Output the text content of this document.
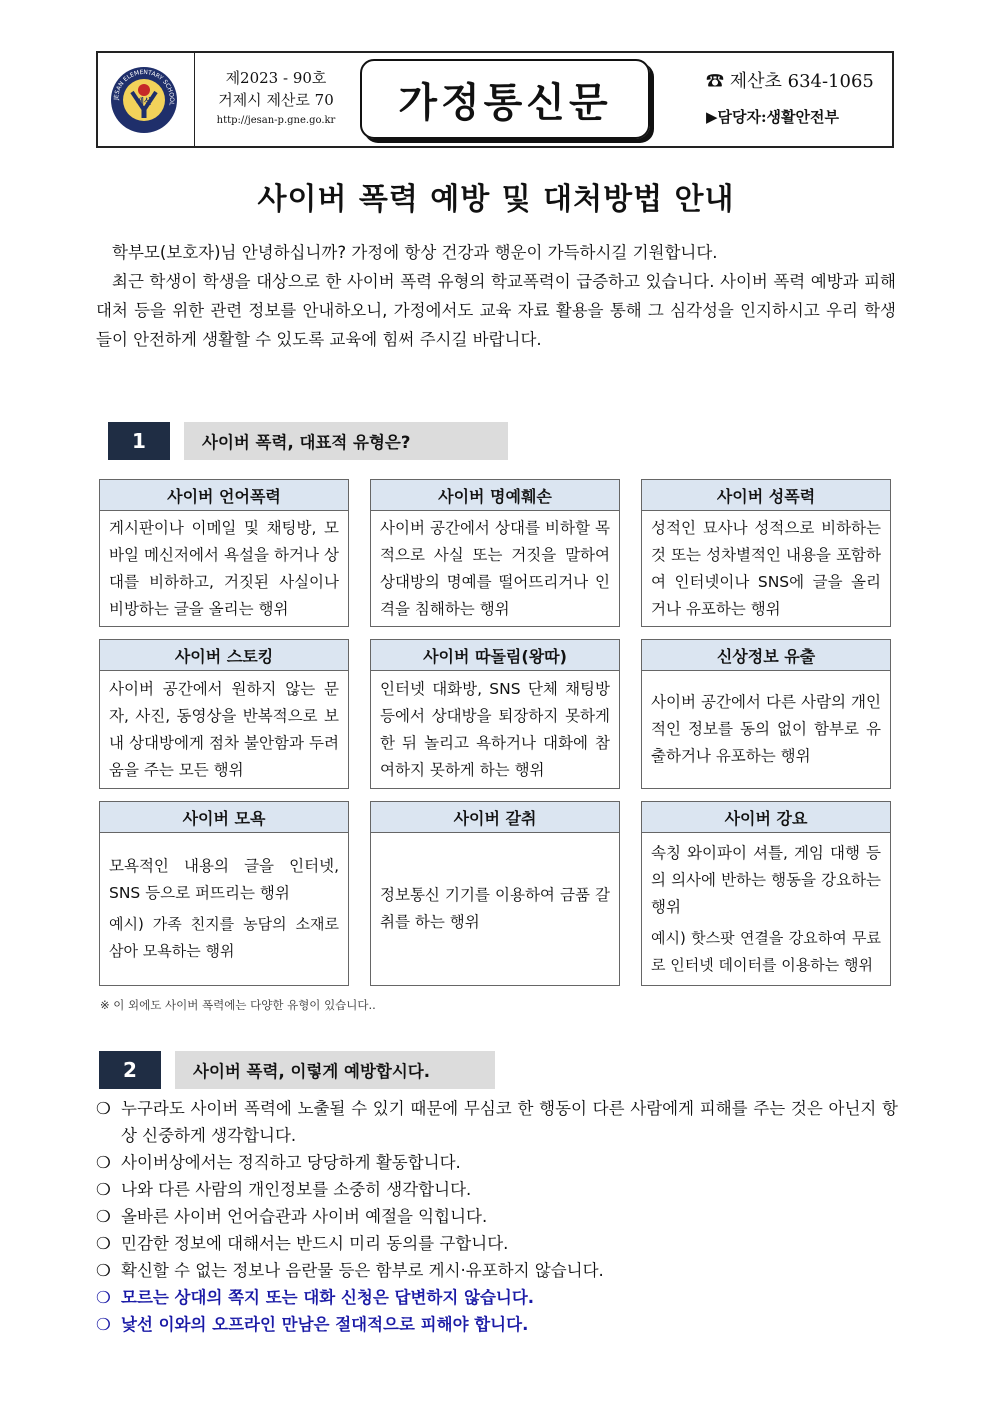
JESAN ELEMENTARY SCHOOL
제산
제2023 - 90호
거제시 제산로 70
http://jesan-p.gne.go.kr	가정통신문	☎ 제산초 634-1065
▶담당자:생활안전부
사이버 폭력 예방 및 대처방법 안내

학부모(보호자)님 안녕하십니까? 가정에 항상 건강과 행운이 가득하시길 기원합니다.

최근 학생이 학생을 대상으로 한 사이버 폭력 유형의 학교폭력이 급증하고 있습니다. 사이버 폭력 예방과 피해 대처 등을 위한 관련 정보를 안내하오니, 가정에서도 교육 자료 활용을 통해 그 심각성을 인지하시고 우리 학생들이 안전하게 생활할 수 있도록 교육에 힘써 주시길 바랍니다.

1	사이버 폭력, 대표적 유형은?
사이버 언어폭력
게시판이나 이메일 및 채팅방, 모바일 메신저에서 욕설을 하거나 상대를 비하하고, 거짓된 사실이나 비방하는 글을 올리는 행위
사이버 명예훼손
사이버 공간에서 상대를 비하할 목적으로 사실 또는 거짓을 말하여 상대방의 명예를 떨어뜨리거나 인격을 침해하는 행위
사이버 성폭력
성적인 묘사나 성적으로 비하하는 것 또는 성차별적인 내용을 포함하여 인터넷이나 SNS에 글을 올리거나 유포하는 행위
사이버 스토킹
사이버 공간에서 원하지 않는 문자, 사진, 동영상을 반복적으로 보내 상대방에게 점차 불안함과 두려움을 주는 모든 행위
사이버 따돌림(왕따)
인터넷 대화방, SNS 단체 채팅방 등에서 상대방을 퇴장하지 못하게 한 뒤 놀리고 욕하거나 대화에 참여하지 못하게 하는 행위
신상정보 유출
사이버 공간에서 다른 사람의 개인적인 정보를 동의 없이 함부로 유출하거나 유포하는 행위
사이버 모욕
모욕적인 내용의 글을 인터넷, SNS 등으로 퍼뜨리는 행위
예시) 가족 친지를 농담의 소재로 삼아 모욕하는 행위
사이버 갈취
정보통신 기기를 이용하여 금품 갈취를 하는 행위
사이버 강요
속칭 와이파이 셔틀, 게임 대행 등의 의사에 반하는 행동을 강요하는 행위
예시) 핫스팟 연결을 강요하여 무료로 인터넷 데이터를 이용하는 행위
※ 이 외에도 사이버 폭력에는 다양한 유형이 있습니다..
2	사이버 폭력, 이렇게 예방합시다.
❍ 누구라도 사이버 폭력에 노출될 수 있기 때문에 무심코 한 행동이 다른 사람에게 피해를 주는 것은 아닌지 항상 신중하게 생각합니다.
❍ 사이버상에서는 정직하고 당당하게 활동합니다.
❍ 나와 다른 사람의 개인정보를 소중히 생각합니다.
❍ 올바른 사이버 언어습관과 사이버 예절을 익힙니다.
❍ 민감한 정보에 대해서는 반드시 미리 동의를 구합니다.
❍ 확신할 수 없는 정보나 음란물 등은 함부로 게시·유포하지 않습니다.
❍ 모르는 상대의 쪽지 또는 대화 신청은 답변하지 않습니다.
❍ 낯선 이와의 오프라인 만남은 절대적으로 피해야 합니다.
